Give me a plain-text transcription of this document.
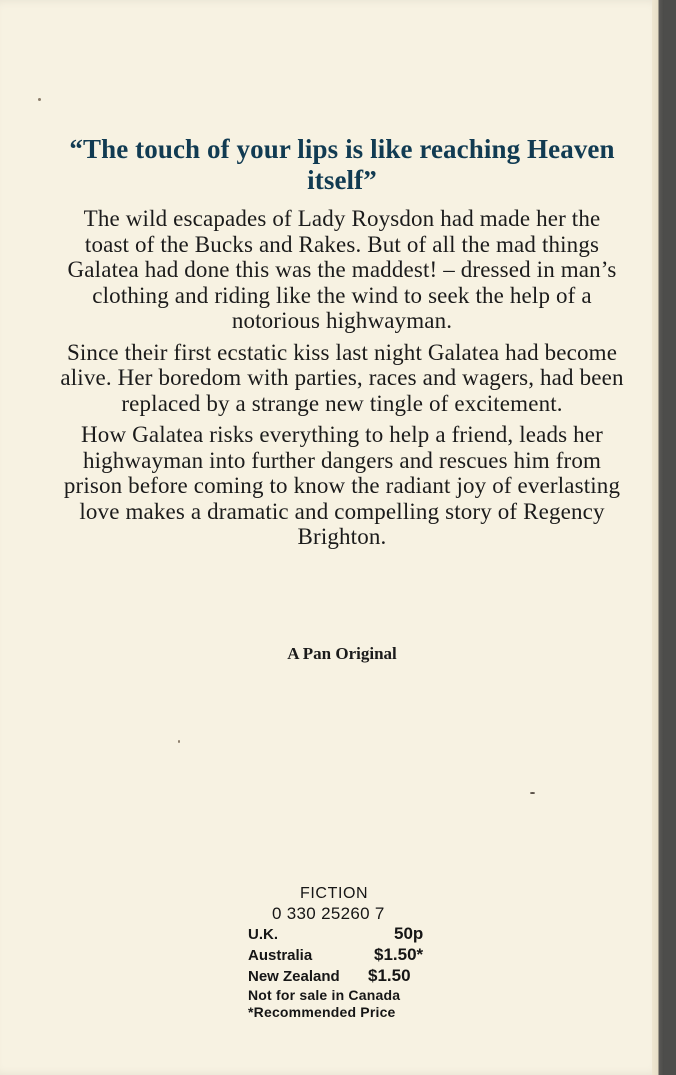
“The touch of your lips is like reaching Heaven itself”

The wild escapades of Lady Roysdon had made her the toast of the Bucks and Rakes. But of all the mad things Galatea had done this was the maddest! – dressed in man’s clothing and riding like the wind to seek the help of a notorious highwayman.

Since their first ecstatic kiss last night Galatea had become alive. Her boredom with parties, races and wagers, had been replaced by a strange new tingle of excitement.

How Galatea risks everything to help a friend, leads her highwayman into further dangers and rescues him from prison before coming to know the radiant joy of everlasting love makes a dramatic and compelling story of Regency Brighton.

A Pan Original
FICTION
0 330 25260 7
U.K.	50p
Australia	$1.50*
New Zealand	$1.50
Not for sale in Canada
*Recommended Price
